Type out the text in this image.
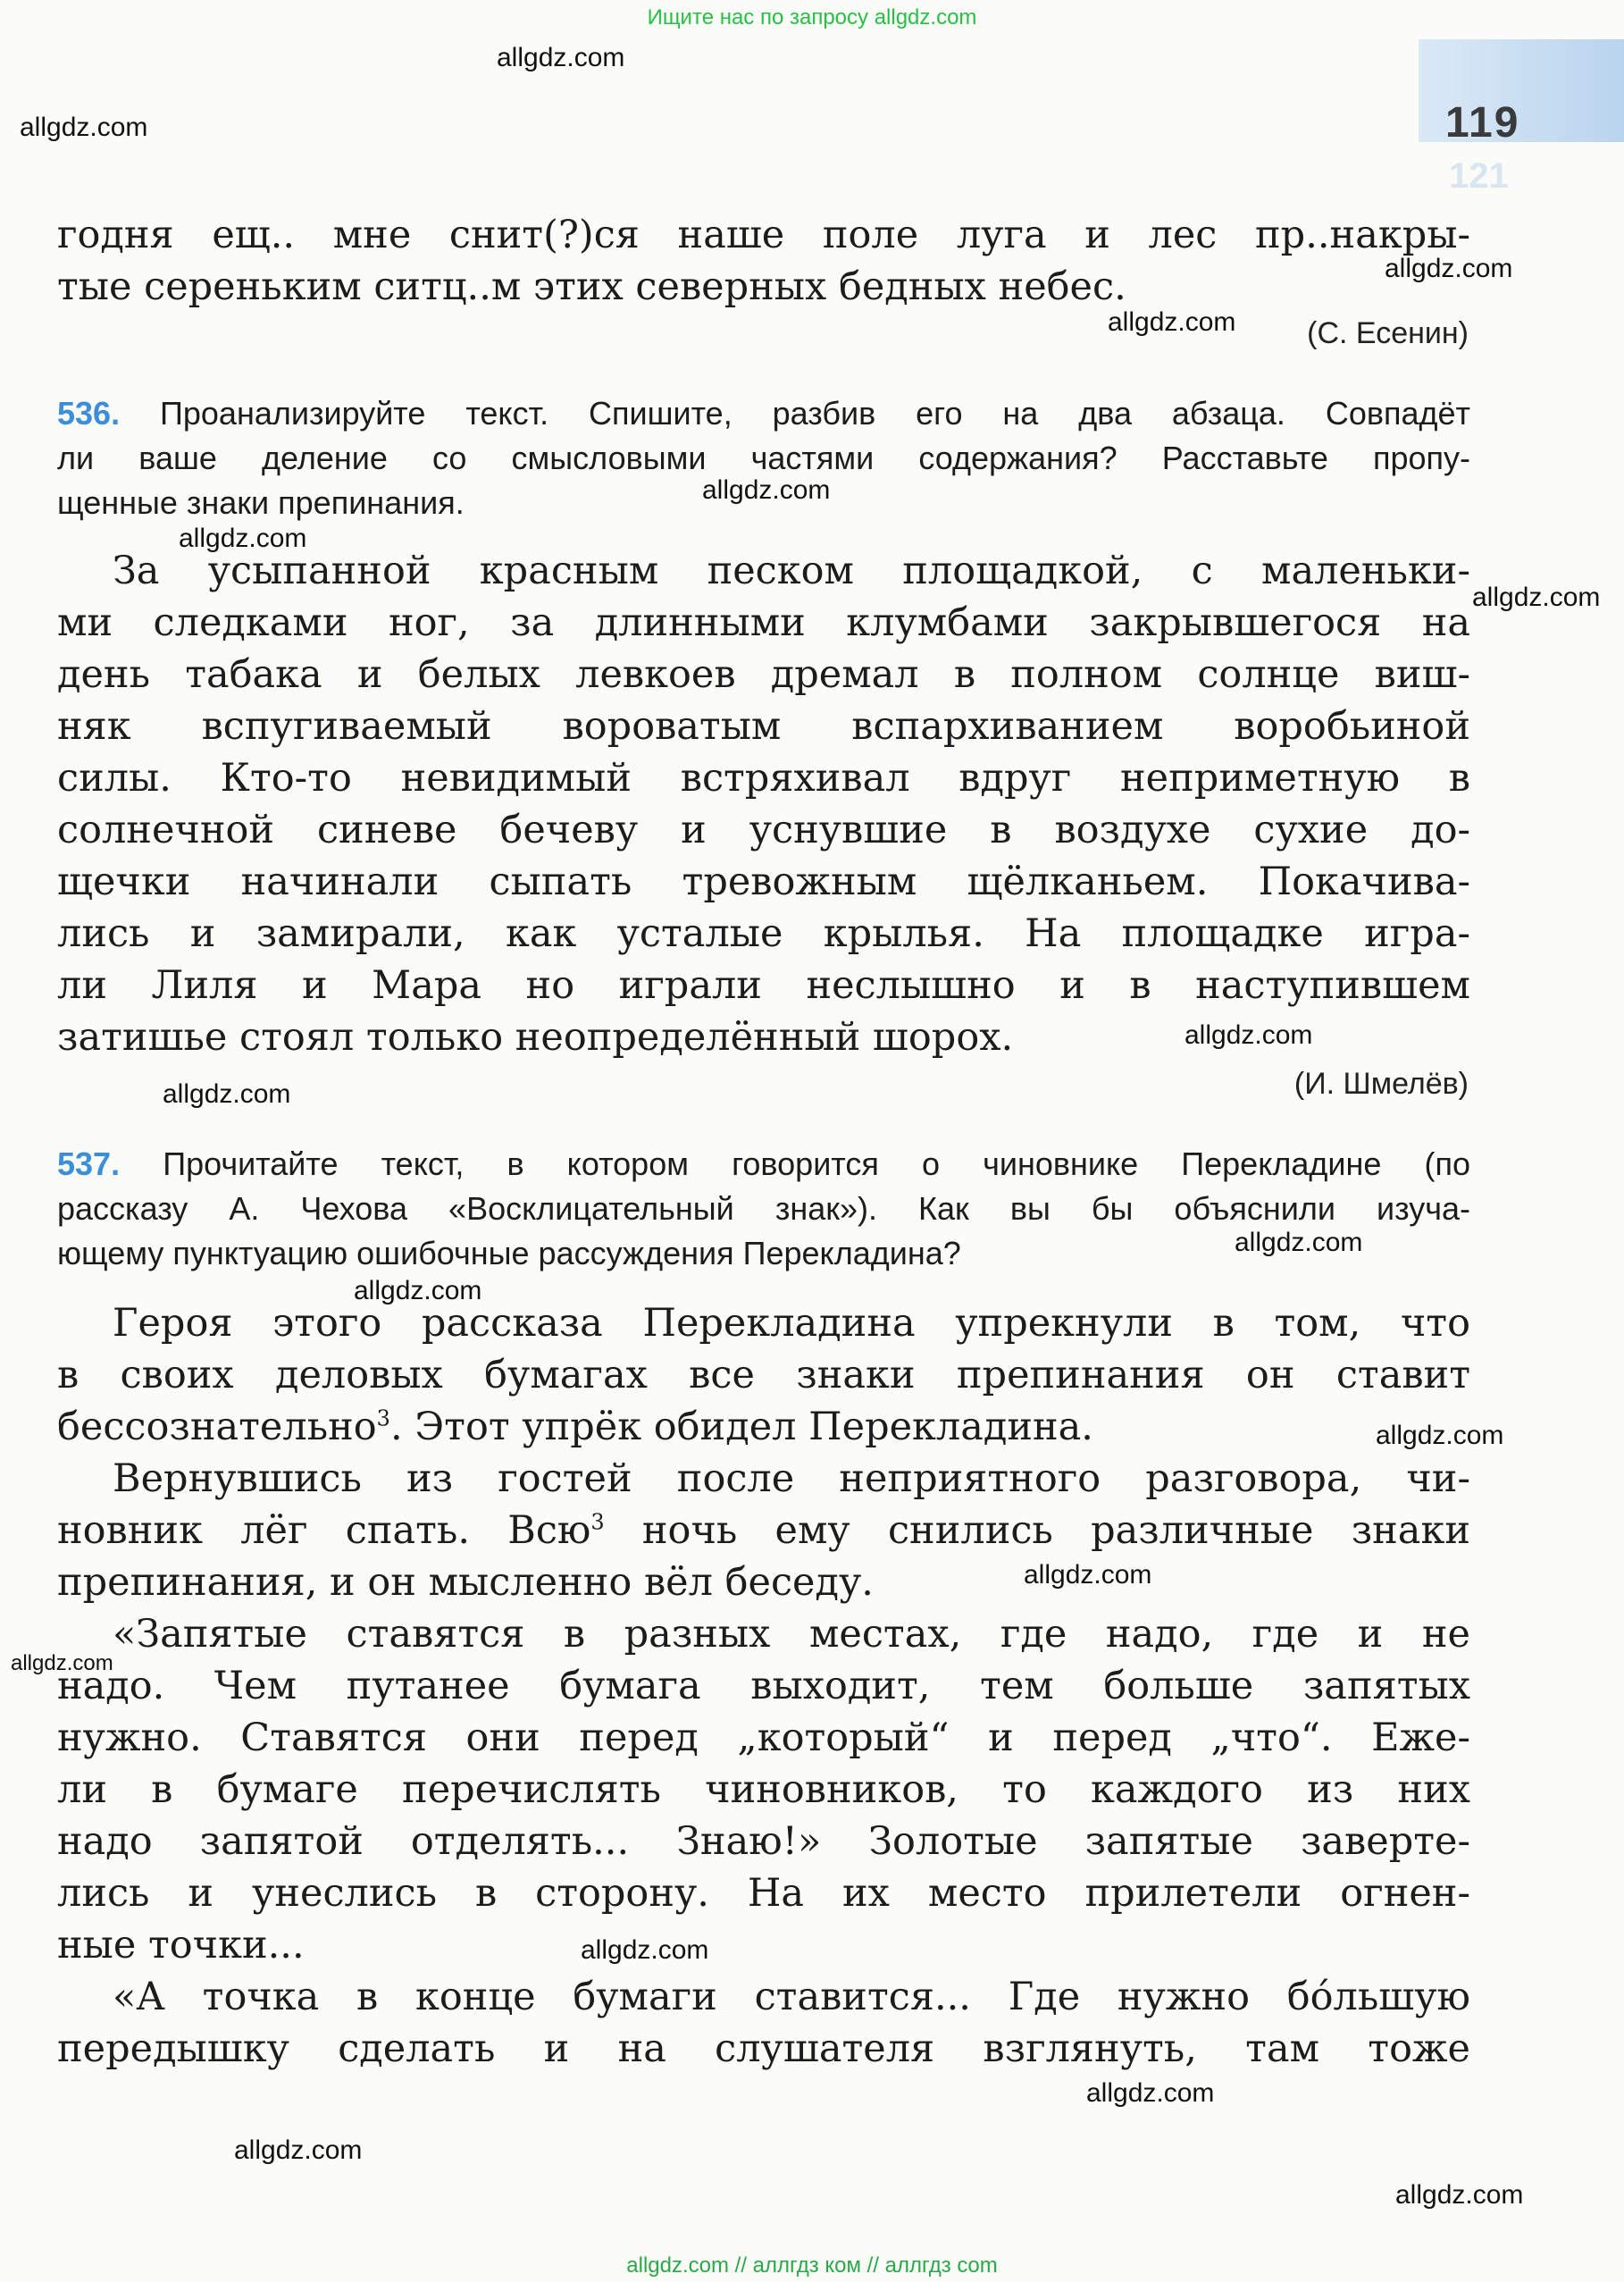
Ищите нас по запросу allgdz.com
119
121
годня ещ.. мне снит(?)ся наше поле луга и лес пр..накры-
тые сереньким ситц..м этих северных бедных небес.
(С. Есенин)
536. Проанализируйте текст. Спишите, разбив его на два абзаца. Совпадёт
ли ваше деление со смысловыми частями содержания? Расставьте пропу-
щенные знаки препинания.
За усыпанной красным песком площадкой, с маленьки-
ми следками ног, за длинными клумбами закрывшегося на
день табака и белых левкоев дремал в полном солнце виш-
няк вспугиваемый вороватым вспархиванием воробьиной
силы. Кто-то невидимый встряхивал вдруг неприметную в
солнечной синеве бечеву и уснувшие в воздухе сухие до-
щечки начинали сыпать тревожным щёлканьем. Покачива-
лись и замирали, как усталые крылья. На площадке игра-
ли Лиля и Мара но играли неслышно и в наступившем
затишье стоял только неопределённый шорох.
(И. Шмелёв)
537. Прочитайте текст, в котором говорится о чиновнике Перекладине (по
рассказу А. Чехова «Восклицательный знак»). Как вы бы объяснили изуча-
ющему пунктуацию ошибочные рассуждения Перекладина?
Героя этого рассказа Перекладина упрекнули в том, что
в своих деловых бумагах все знаки препинания он ставит
бессознательно$^3$. Этот упрёк обидел Перекладина.
Вернувшись из гостей после неприятного разговора, чи-
новник лёг спать. Всю$^3$ ночь ему снились различные знаки
препинания, и он мысленно вёл беседу.
«Запятые ставятся в разных местах, где надо, где и не
надо. Чем путанее бумага выходит, тем больше запятых
нужно. Ставятся они перед „который“ и перед „что“. Еже-
ли в бумаге перечислять чиновников, то каждого из них
надо запятой отделять... Знаю!» Золотые запятые заверте-
лись и унеслись в сторону. На их место прилетели огнен-
ные точки...
«А точка в конце бумаги ставится... Где нужно бо́льшую
передышку сделать и на слушателя взглянуть, там тоже
allgdz.com
allgdz.com
allgdz.com
allgdz.com
allgdz.com
allgdz.com
allgdz.com
allgdz.com
allgdz.com
allgdz.com
allgdz.com
allgdz.com
allgdz.com
allgdz.com
allgdz.com
allgdz.com
allgdz.com
allgdz.com
allgdz.com // аллгдз ком // аллгдз com
